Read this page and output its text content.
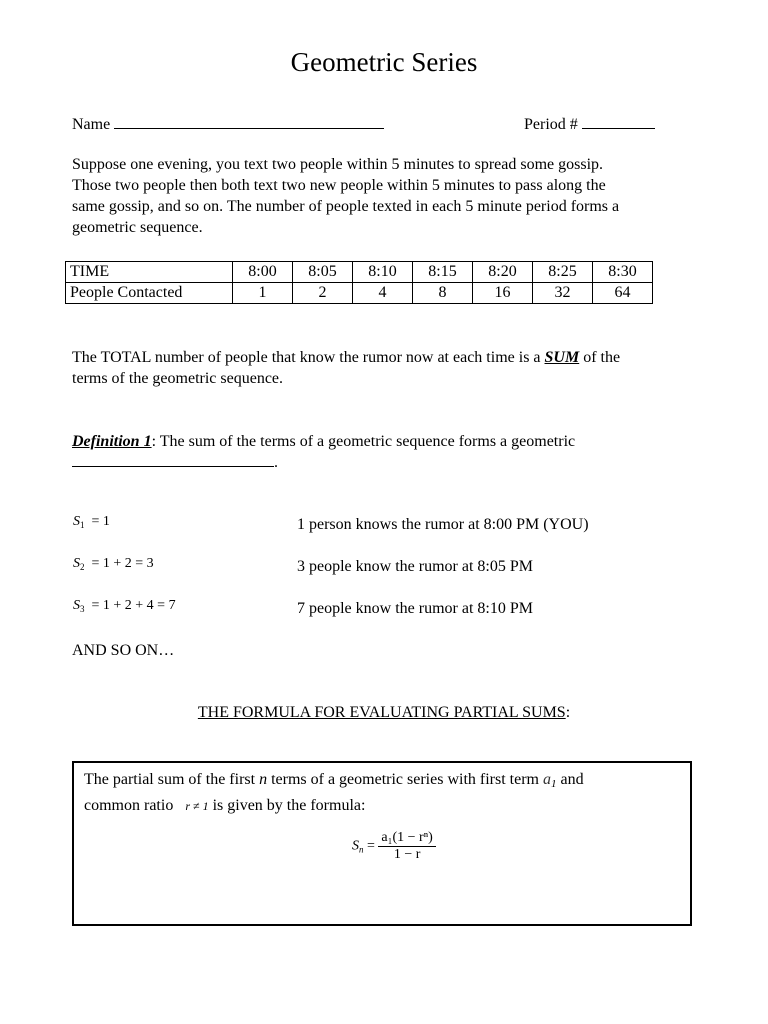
Geometric Series
Name	Period #
Suppose one evening, you text two people within 5 minutes to spread some gossip.
Those two people then both text two new people within 5 minutes to pass along the
same gossip, and so on. The number of people texted in each 5 minute period forms a
geometric sequence.
TIME	8:00	8:05	8:10	8:15	8:20	8:25	8:30
People Contacted	1	2	4	8	16	32	64
The TOTAL number of people that know the rumor now at each time is a SUM of the
terms of the geometric sequence.
Definition 1: The sum of the terms of a geometric sequence forms a geometric
.
$S_1 = 1$	1 person knows the rumor at 8:00 PM (YOU)
$S_2 = 1 + 2 = 3$	3 people know the rumor at 8:05 PM
$S_3 = 1 + 2 + 4 = 7$	7 people know the rumor at 8:10 PM
AND SO ON…
THE FORMULA FOR EVALUATING PARTIAL SUMS:
The partial sum of the first n terms of a geometric series with first term $a_1$ and
common ratio   r ≠ 1 is given by the formula:
$S_n = \frac{\text{a₁(1 − rⁿ)}}{1 - r}$
